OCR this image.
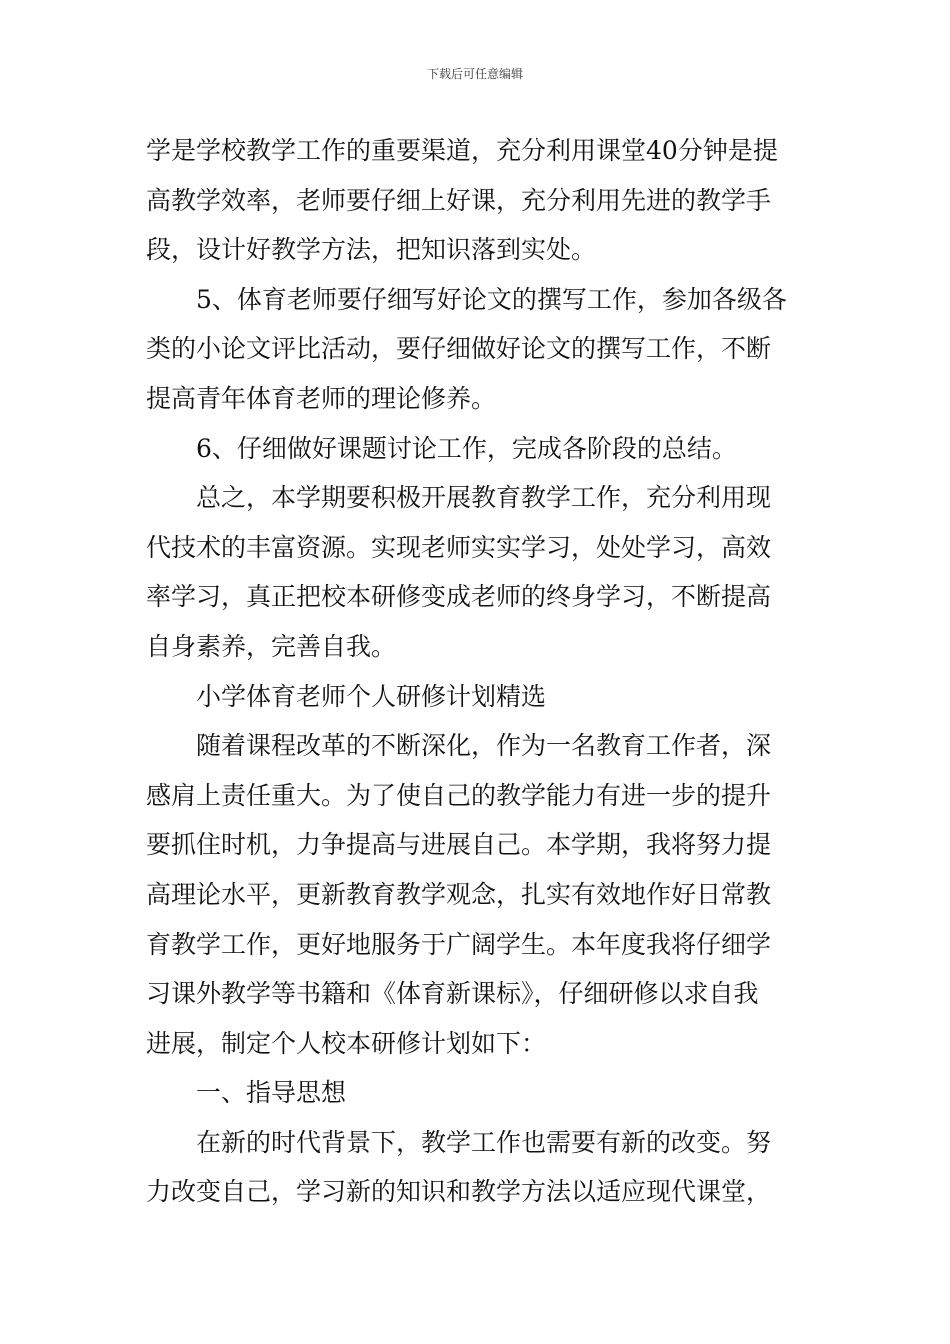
下载后可任意编辑
学是学校教学工作的重要渠道，充分利用课堂40分钟是提
高教学效率，老师要仔细上好课，充分利用先进的教学手
段，设计好教学方法，把知识落到实处。
5、体育老师要仔细写好论文的撰写工作，参加各级各
类的小论文评比活动，要仔细做好论文的撰写工作，不断
提高青年体育老师的理论修养。
6、仔细做好课题讨论工作，完成各阶段的总结。
总之，本学期要积极开展教育教学工作，充分利用现
代技术的丰富资源。实现老师实实学习，处处学习，高效
率学习，真正把校本研修变成老师的终身学习，不断提高
自身素养，完善自我。
小学体育老师个人研修计划精选
随着课程改革的不断深化，作为一名教育工作者，深
感肩上责任重大。为了使自己的教学能力有进一步的提升
要抓住时机，力争提高与进展自己。本学期，我将努力提
高理论水平，更新教育教学观念，扎实有效地作好日常教
育教学工作，更好地服务于广阔学生。本年度我将仔细学
习课外教学等书籍和《体育新课标》，仔细研修以求自我
进展，制定个人校本研修计划如下：
一、指导思想
在新的时代背景下，教学工作也需要有新的改变。努
力改变自己，学习新的知识和教学方法以适应现代课堂，
